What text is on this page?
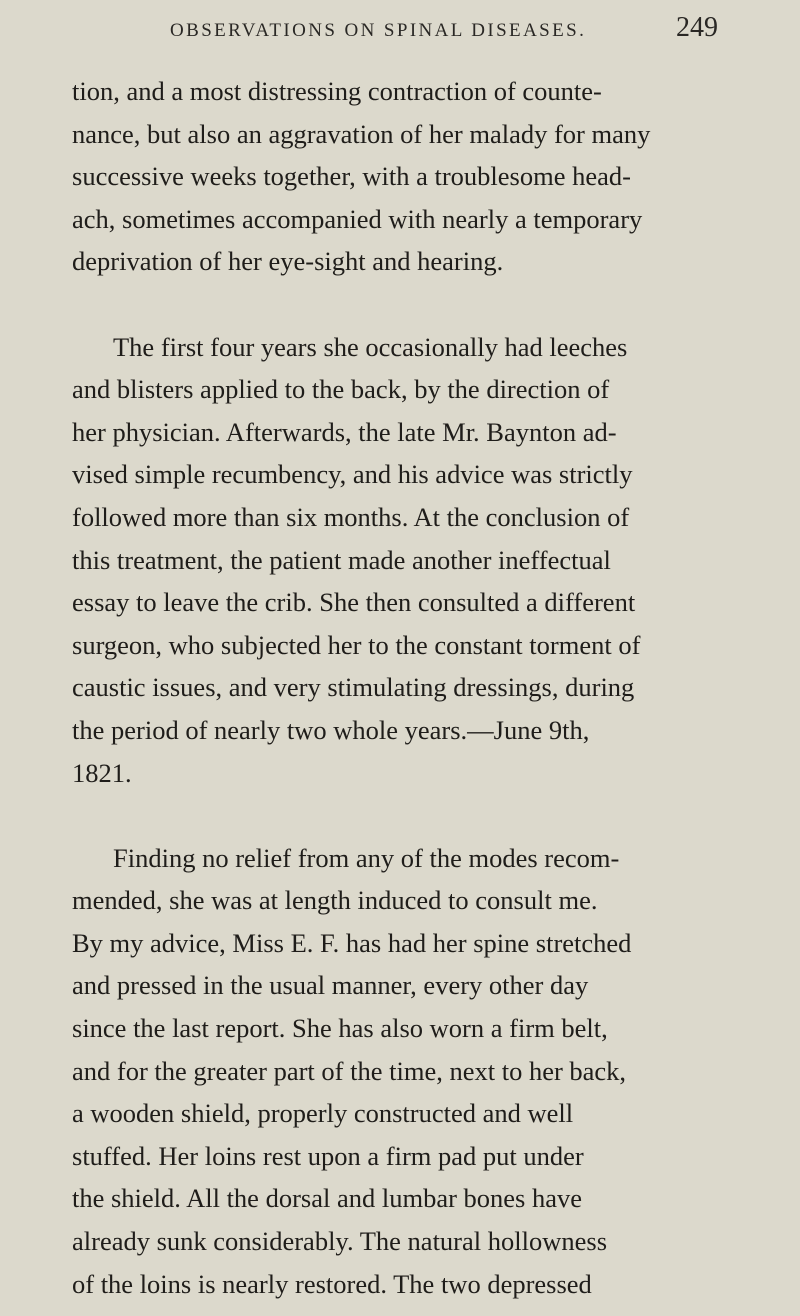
OBSERVATIONS ON SPINAL DISEASES.	249
tion, and a most distressing contraction of counte-
nance, but also an aggravation of her malady for many
successive weeks together, with a troublesome head-
ach, sometimes accompanied with nearly a temporary
deprivation of her eye-sight and hearing.
The first four years she occasionally had leeches
and blisters applied to the back, by the direction of
her physician. Afterwards, the late Mr. Baynton ad-
vised simple recumbency, and his advice was strictly
followed more than six months. At the conclusion of
this treatment, the patient made another ineffectual
essay to leave the crib. She then consulted a different
surgeon, who subjected her to the constant torment of
caustic issues, and very stimulating dressings, during
the period of nearly two whole years.—June 9th,
1821.
Finding no relief from any of the modes recom-
mended, she was at length induced to consult me.
By my advice, Miss E. F. has had her spine stretched
and pressed in the usual manner, every other day
since the last report. She has also worn a firm belt,
and for the greater part of the time, next to her back,
a wooden shield, properly constructed and well
stuffed. Her loins rest upon a firm pad put under
the shield. All the dorsal and lumbar bones have
already sunk considerably. The natural hollowness
of the loins is nearly restored. The two depressed
